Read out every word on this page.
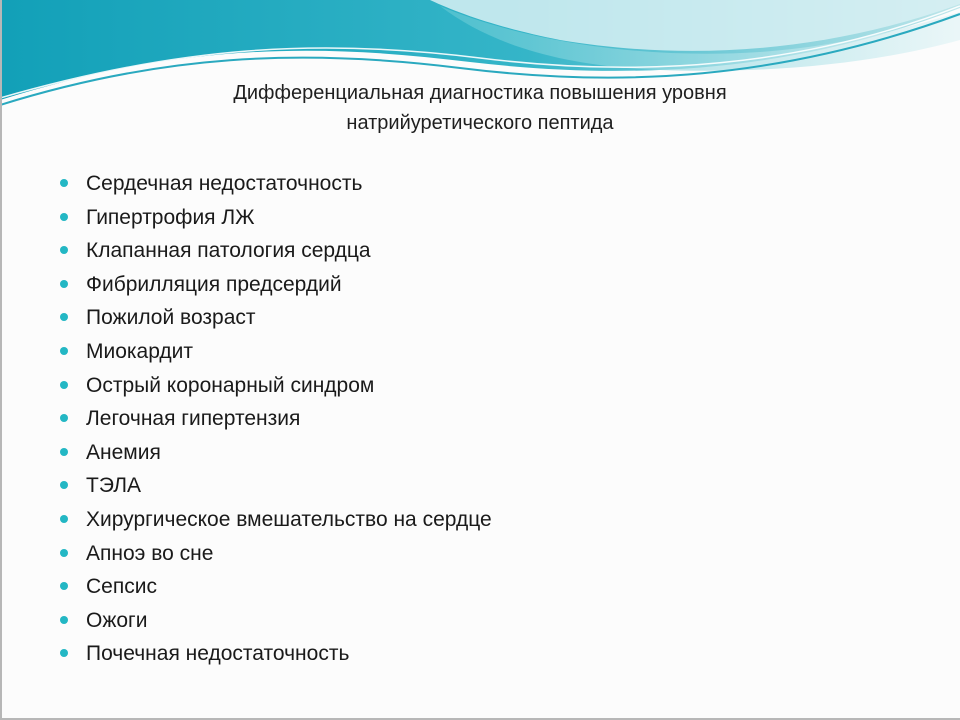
Дифференциальная диагностика повышения уровня
натрийуретического пептида
Сердечная недостаточность
Гипертрофия ЛЖ
Клапанная патология сердца
Фибрилляция предсердий
Пожилой возраст
Миокардит
Острый коронарный синдром
Легочная гипертензия
Анемия
ТЭЛА
Хирургическое вмешательство на сердце
Апноэ во сне
Сепсис
Ожоги
Почечная недостаточность
